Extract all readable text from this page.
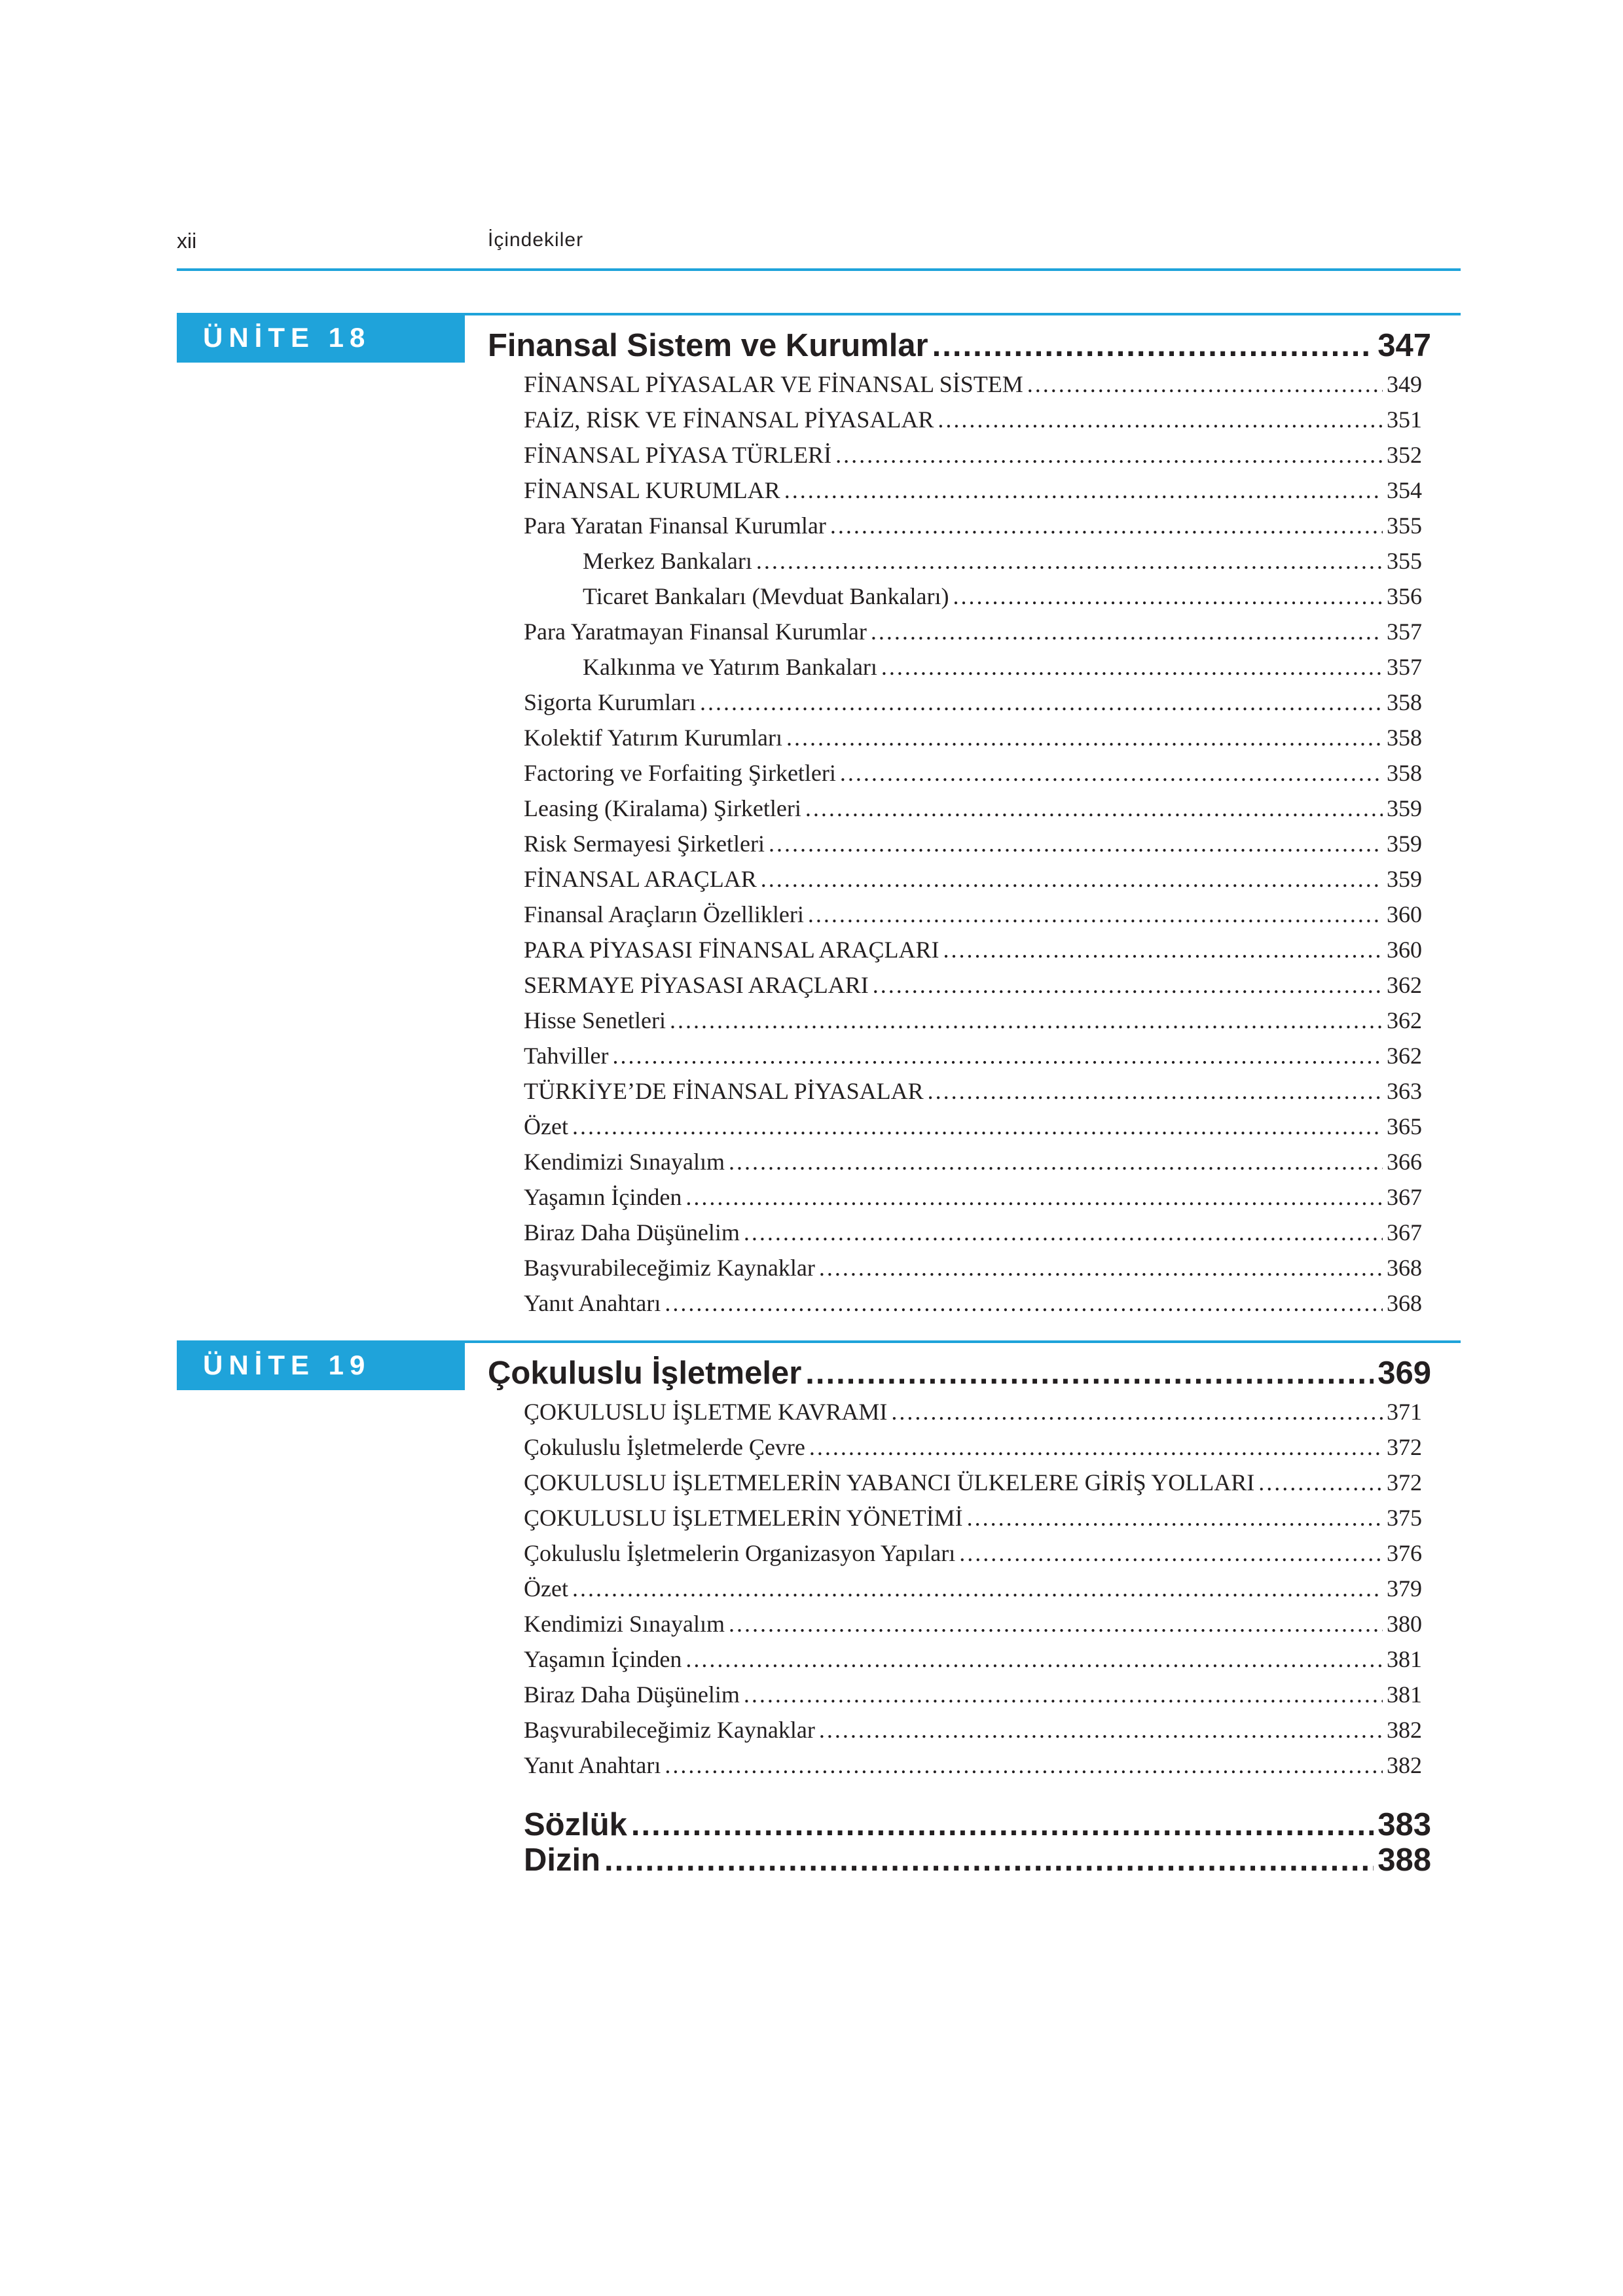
xii	İçindekiler
ÜNİTE 18
ÜNİTE 19
Finansal Sistem ve Kurumlar .....	347
FİNANSAL PİYASALAR VE FİNANSAL SİSTEM .....	349
FAİZ, RİSK VE FİNANSAL PİYASALAR .....	351
FİNANSAL PİYASA TÜRLERİ .....	352
FİNANSAL KURUMLAR .....	354
Para Yaratan Finansal Kurumlar .....	355
Merkez Bankaları .....	355
Ticaret Bankaları (Mevduat Bankaları) .....	356
Para Yaratmayan Finansal Kurumlar .....	357
Kalkınma ve Yatırım Bankaları .....	357
Sigorta Kurumları .....	358
Kolektif Yatırım Kurumları .....	358
Factoring ve Forfaiting Şirketleri .....	358
Leasing (Kiralama) Şirketleri .....	359
Risk Sermayesi Şirketleri .....	359
FİNANSAL ARAÇLAR .....	359
Finansal Araçların Özellikleri .....	360
PARA PİYASASI FİNANSAL ARAÇLARI .....	360
SERMAYE PİYASASI ARAÇLARI .....	362
Hisse Senetleri .....	362
Tahviller .....	362
TÜRKİYE’DE FİNANSAL PİYASALAR .....	363
Özet .....	365
Kendimizi Sınayalım .....	366
Yaşamın İçinden .....	367
Biraz Daha Düşünelim .....	367
Başvurabileceğimiz Kaynaklar .....	368
Yanıt Anahtarı .....	368
Çokuluslu İşletmeler .....	369
ÇOKULUSLU İŞLETME KAVRAMI .....	371
Çokuluslu İşletmelerde Çevre .....	372
ÇOKULUSLU İŞLETMELERİN YABANCI ÜLKELERE GİRİŞ YOLLARI .....	372
ÇOKULUSLU İŞLETMELERİN YÖNETİMİ .....	375
Çokuluslu İşletmelerin Organizasyon Yapıları .....	376
Özet .....	379
Kendimizi Sınayalım .....	380
Yaşamın İçinden .....	381
Biraz Daha Düşünelim .....	381
Başvurabileceğimiz Kaynaklar .....	382
Yanıt Anahtarı .....	382
Sözlük .....	383
Dizin .....	388
